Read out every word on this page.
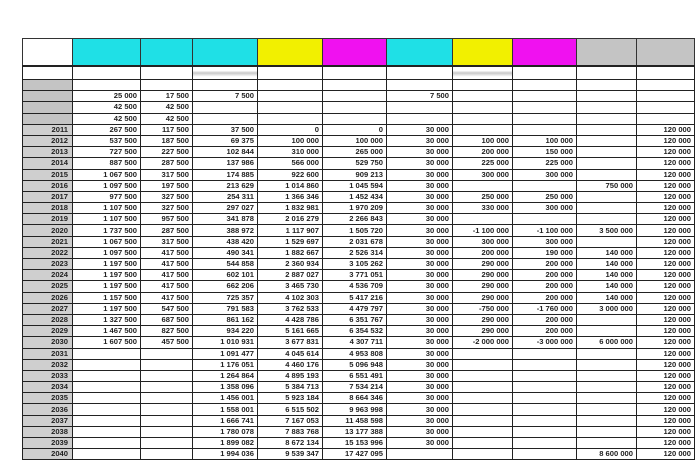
	25 000	17 500	7 500			7 500				
	42 500	42 500								
	42 500	42 500								
2011	267 500	117 500	37 500	0	0	30 000				120 000
2012	537 500	187 500	69 375	100 000	100 000	30 000	100 000	100 000		120 000
2013	727 500	227 500	102 844	310 000	265 000	30 000	200 000	150 000		120 000
2014	887 500	287 500	137 986	566 000	529 750	30 000	225 000	225 000		120 000
2015	1 067 500	317 500	174 885	922 600	909 213	30 000	300 000	300 000		120 000
2016	1 097 500	197 500	213 629	1 014 860	1 045 594	30 000			750 000	120 000
2017	977 500	327 500	254 311	1 366 346	1 452 434	30 000	250 000	250 000		120 000
2018	1 107 500	327 500	297 027	1 832 981	1 970 209	30 000	330 000	300 000		120 000
2019	1 107 500	957 500	341 878	2 016 279	2 266 843	30 000				120 000
2020	1 737 500	287 500	388 972	1 117 907	1 505 720	30 000	-1 100 000	-1 100 000	3 500 000	120 000
2021	1 067 500	317 500	438 420	1 529 697	2 031 678	30 000	300 000	300 000		120 000
2022	1 097 500	417 500	490 341	1 882 667	2 526 314	30 000	200 000	190 000	140 000	120 000
2023	1 197 500	417 500	544 858	2 360 934	3 105 262	30 000	290 000	200 000	140 000	120 000
2024	1 197 500	417 500	602 101	2 887 027	3 771 051	30 000	290 000	200 000	140 000	120 000
2025	1 197 500	417 500	662 206	3 465 730	4 536 709	30 000	290 000	200 000	140 000	120 000
2026	1 157 500	417 500	725 357	4 102 303	5 417 216	30 000	290 000	200 000	140 000	120 000
2027	1 197 500	547 500	791 583	3 762 533	4 479 797	30 000	-750 000	-1 760 000	3 000 000	120 000
2028	1 327 500	687 500	861 162	4 428 786	6 351 767	30 000	290 000	200 000		120 000
2029	1 467 500	827 500	934 220	5 161 665	6 354 532	30 000	290 000	200 000		120 000
2030	1 607 500	457 500	1 010 931	3 677 831	4 307 711	30 000	-2 000 000	-3 000 000	6 000 000	120 000
2031			1 091 477	4 045 614	4 953 808	30 000				120 000
2032			1 176 051	4 460 176	5 096 948	30 000				120 000
2033			1 264 864	4 895 193	6 551 491	30 000				120 000
2034			1 358 096	5 384 713	7 534 214	30 000				120 000
2035			1 456 001	5 923 184	8 664 346	30 000				120 000
2036			1 558 001	6 515 502	9 963 998	30 000				120 000
2037			1 666 741	7 167 053	11 458 598	30 000				120 000
2038			1 780 078	7 883 768	13 177 388	30 000				120 000
2039			1 899 082	8 672 134	15 153 996	30 000				120 000
2040			1 994 036	9 539 347	17 427 095				8 600 000	120 000
